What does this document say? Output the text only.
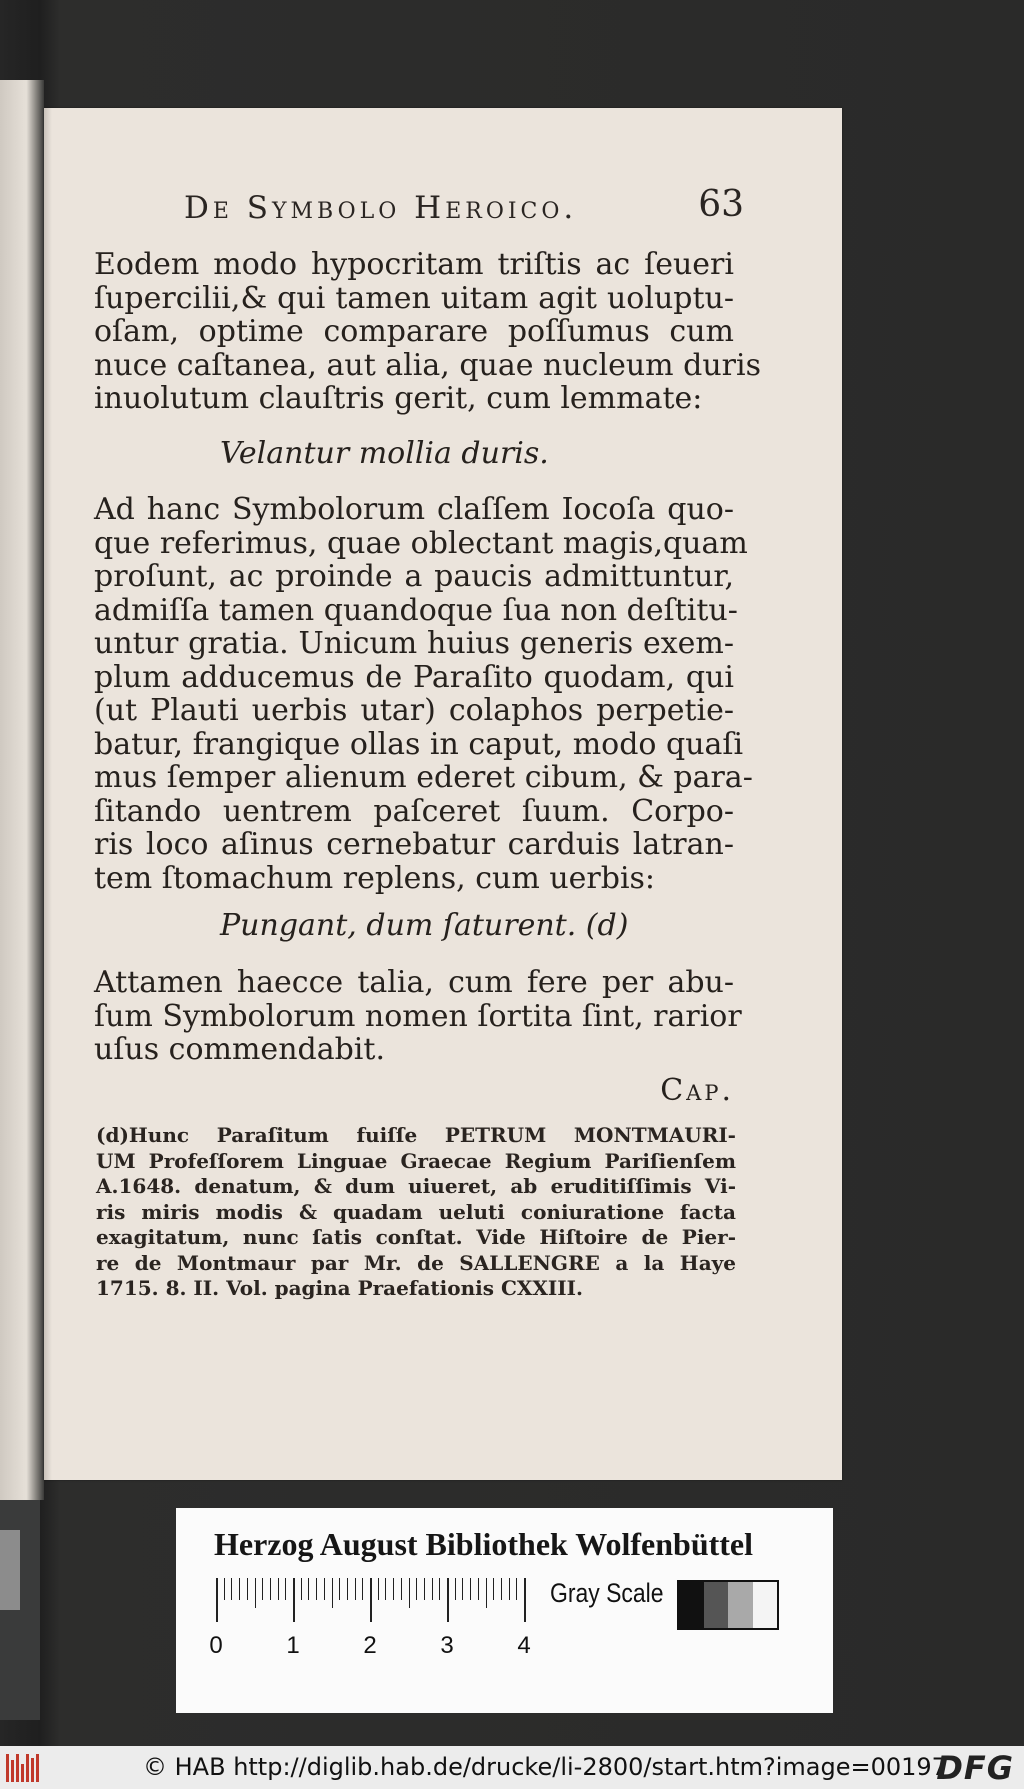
De Symbolo Heroico.	63
Eodem modo hypocritam triſtis ac ſeueri
ſupercilii,& qui tamen uitam agit uoluptu-
oſam, optime comparare poſſumus cum
nuce caſtanea, aut alia, quae nucleum duris
inuolutum clauſtris gerit, cum lemmate:
Velantur mollia duris.
Ad hanc Symbolorum claſſem Iocoſa quo-
que referimus, quae oblectant magis,quam
proſunt, ac proinde a paucis admittuntur,
admiſſa tamen quandoque ſua non deſtitu-
untur gratia. Unicum huius generis exem-
plum adducemus de Paraſito quodam, qui
(ut Plauti uerbis utar) colaphos perpetie-
batur, frangique ollas in caput, modo quaſi
mus ſemper alienum ederet cibum, & para-
ſitando uentrem paſceret ſuum. Corpo-
ris loco aſinus cernebatur carduis latran-
tem ſtomachum replens, cum uerbis:
Pungant, dum ſaturent. (d)
Attamen haecce talia, cum fere per abu-
ſum Symbolorum nomen ſortita ſint, rarior
uſus commendabit.
Cap.
(d)Hunc Paraſitum fuiſſe PETRUM MONTMAURI-
UM Profeſſorem Linguae Graecae Regium Pariſienſem
A.1648. denatum, & dum uiueret, ab eruditiſſimis Vi-
ris miris modis & quadam ueluti coniuratione facta
exagitatum, nunc ſatis conſtat. Vide Hiſtoire de Pier-
re de Montmaur par Mr. de SALLENGRE a la Haye
1715. 8. II. Vol. pagina Praefationis CXXIII.
Herzog August Bibliothek Wolfenbüttel
0	1	2	3	4
Gray Scale
© HAB http://diglib.hab.de/drucke/li-2800/start.htm?image=00197
DFG
